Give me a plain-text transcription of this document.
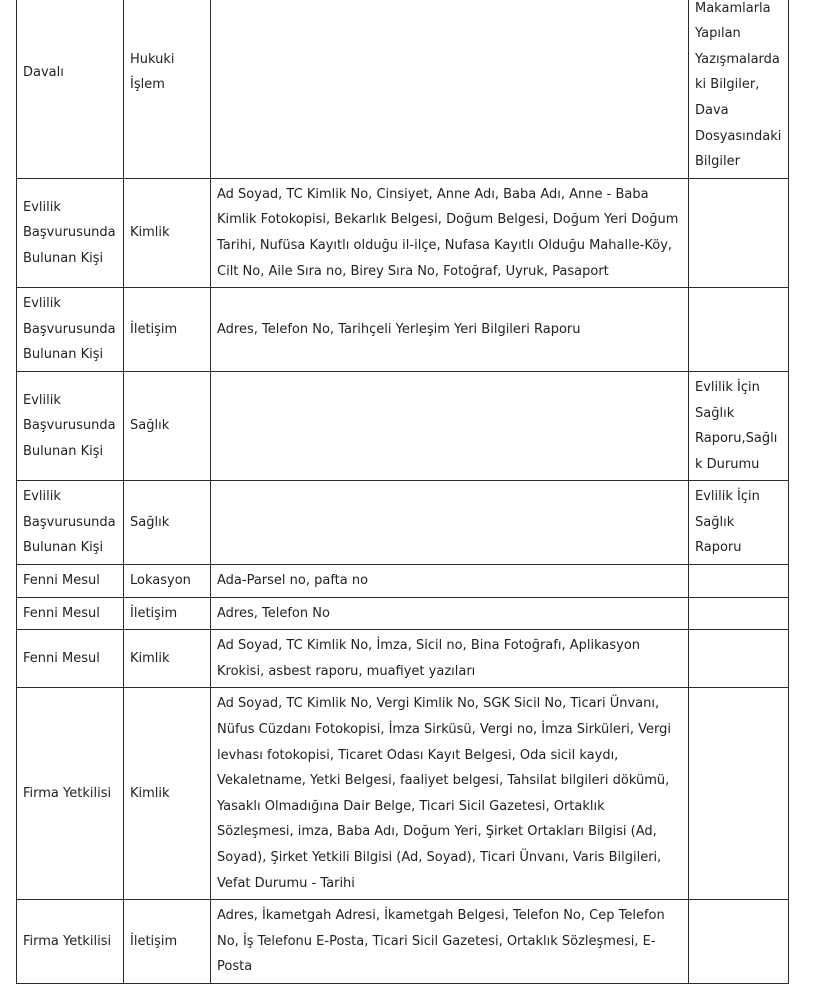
Davalı	Hukuki İşlem		Makamlarla Yapılan Yazışmalardaki Bilgiler, Dava Dosyasındaki Bilgiler
Evlilik Başvurusunda Bulunan Kişi	Kimlik	Ad Soyad, TC Kimlik No, Cinsiyet, Anne Adı, Baba Adı, Anne - Baba Kimlik Fotokopisi, Bekarlık Belgesi, Doğum Belgesi, Doğum Yeri Doğum Tarihi, Nufüsa Kayıtlı olduğu il-ilçe, Nufasa Kayıtlı Olduğu Mahalle-Köy, Cilt No, Aile Sıra no, Birey Sıra No, Fotoğraf, Uyruk, Pasaport	
Evlilik Başvurusunda Bulunan Kişi	İletişim	Adres, Telefon No, Tarihçeli Yerleşim Yeri Bilgileri Raporu	
Evlilik Başvurusunda Bulunan Kişi	Sağlık		Evlilik İçin Sağlık Raporu,Sağlık Durumu
Evlilik Başvurusunda Bulunan Kişi	Sağlık		Evlilik İçin Sağlık Raporu
Fenni Mesul	Lokasyon	Ada-Parsel no, pafta no	
Fenni Mesul	İletişim	Adres, Telefon No	
Fenni Mesul	Kimlik	Ad Soyad, TC Kimlik No, İmza, Sicil no, Bina Fotoğrafı, Aplikasyon Krokisi, asbest raporu, muafiyet yazıları	
Firma Yetkilisi	Kimlik	Ad Soyad, TC Kimlik No, Vergi Kimlik No, SGK Sicil No, Ticari Ünvanı, Nüfus Cüzdanı Fotokopisi, İmza Sirküsü, Vergi no, İmza Sirküleri, Vergi levhası fotokopisi, Ticaret Odası Kayıt Belgesi, Oda sicil kaydı, Vekaletname, Yetki Belgesi, faaliyet belgesi, Tahsilat bilgileri dökümü, Yasaklı Olmadığına Dair Belge, Ticari Sicil Gazetesi, Ortaklık Sözleşmesi, imza, Baba Adı, Doğum Yeri, Şirket Ortakları Bilgisi (Ad, Soyad), Şirket Yetkili Bilgisi (Ad, Soyad), Ticari Ünvanı, Varis Bilgileri, Vefat Durumu - Tarihi	
Firma Yetkilisi	İletişim	Adres, İkametgah Adresi, İkametgah Belgesi, Telefon No, Cep Telefon No, İş Telefonu E-Posta, Ticari Sicil Gazetesi, Ortaklık Sözleşmesi, E-Posta	
